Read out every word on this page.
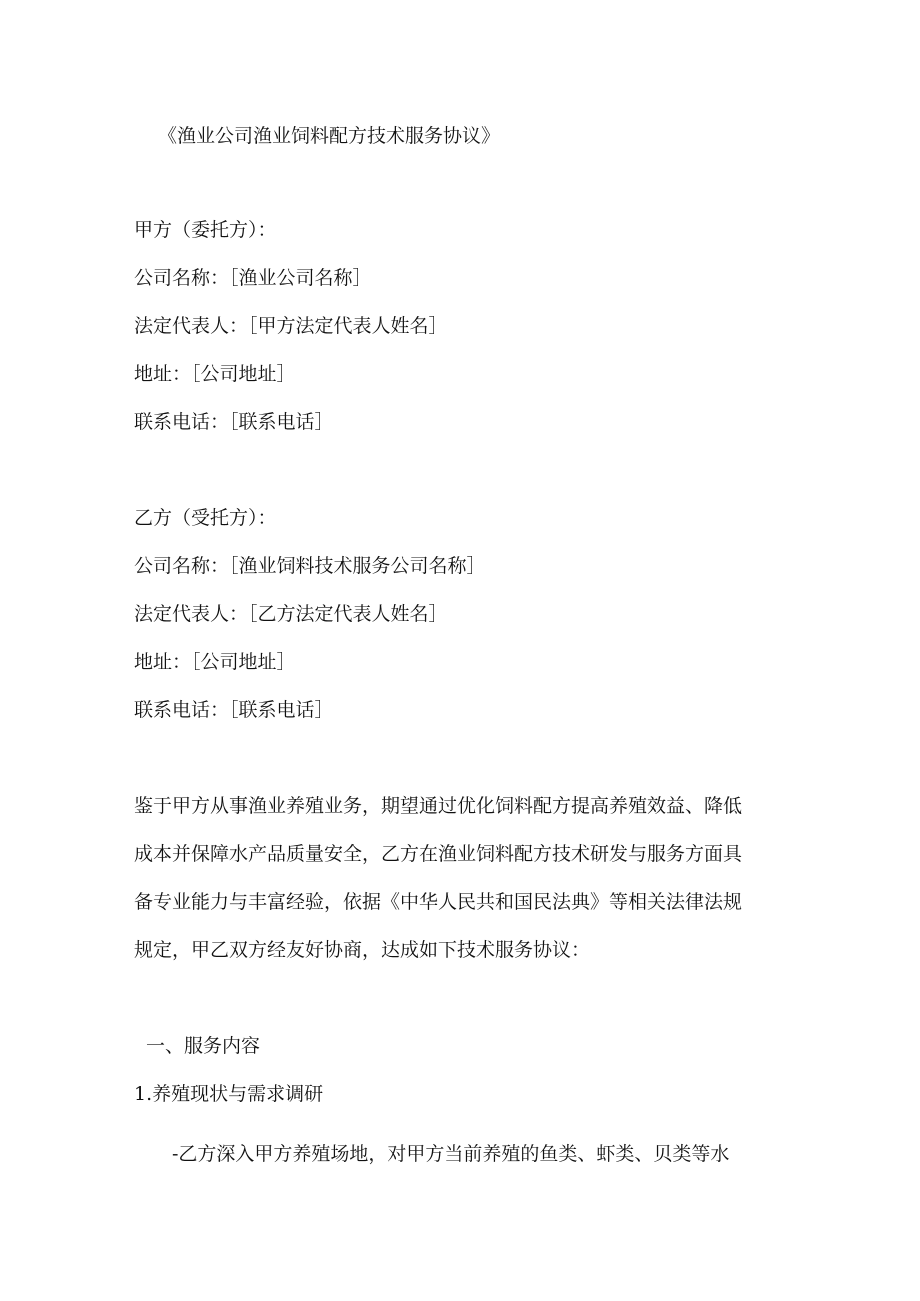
《渔业公司渔业饲料配方技术服务协议》

甲方（委托方）：

公司名称：［渔业公司名称］

法定代表人：［甲方法定代表人姓名］

地址：［公司地址］

联系电话：［联系电话］

乙方（受托方）：

公司名称：［渔业饲料技术服务公司名称］

法定代表人：［乙方法定代表人姓名］

地址：［公司地址］

联系电话：［联系电话］

鉴于甲方从事渔业养殖业务，期望通过优化饲料配方提高养殖效益、降低

成本并保障水产品质量安全，乙方在渔业饲料配方技术研发与服务方面具

备专业能力与丰富经验，依据《中华人民共和国民法典》等相关法律法规

规定，甲乙双方经友好协商，达成如下技术服务协议：

一、服务内容

1.养殖现状与需求调研

-乙方深入甲方养殖场地，对甲方当前养殖的鱼类、虾类、贝类等水
